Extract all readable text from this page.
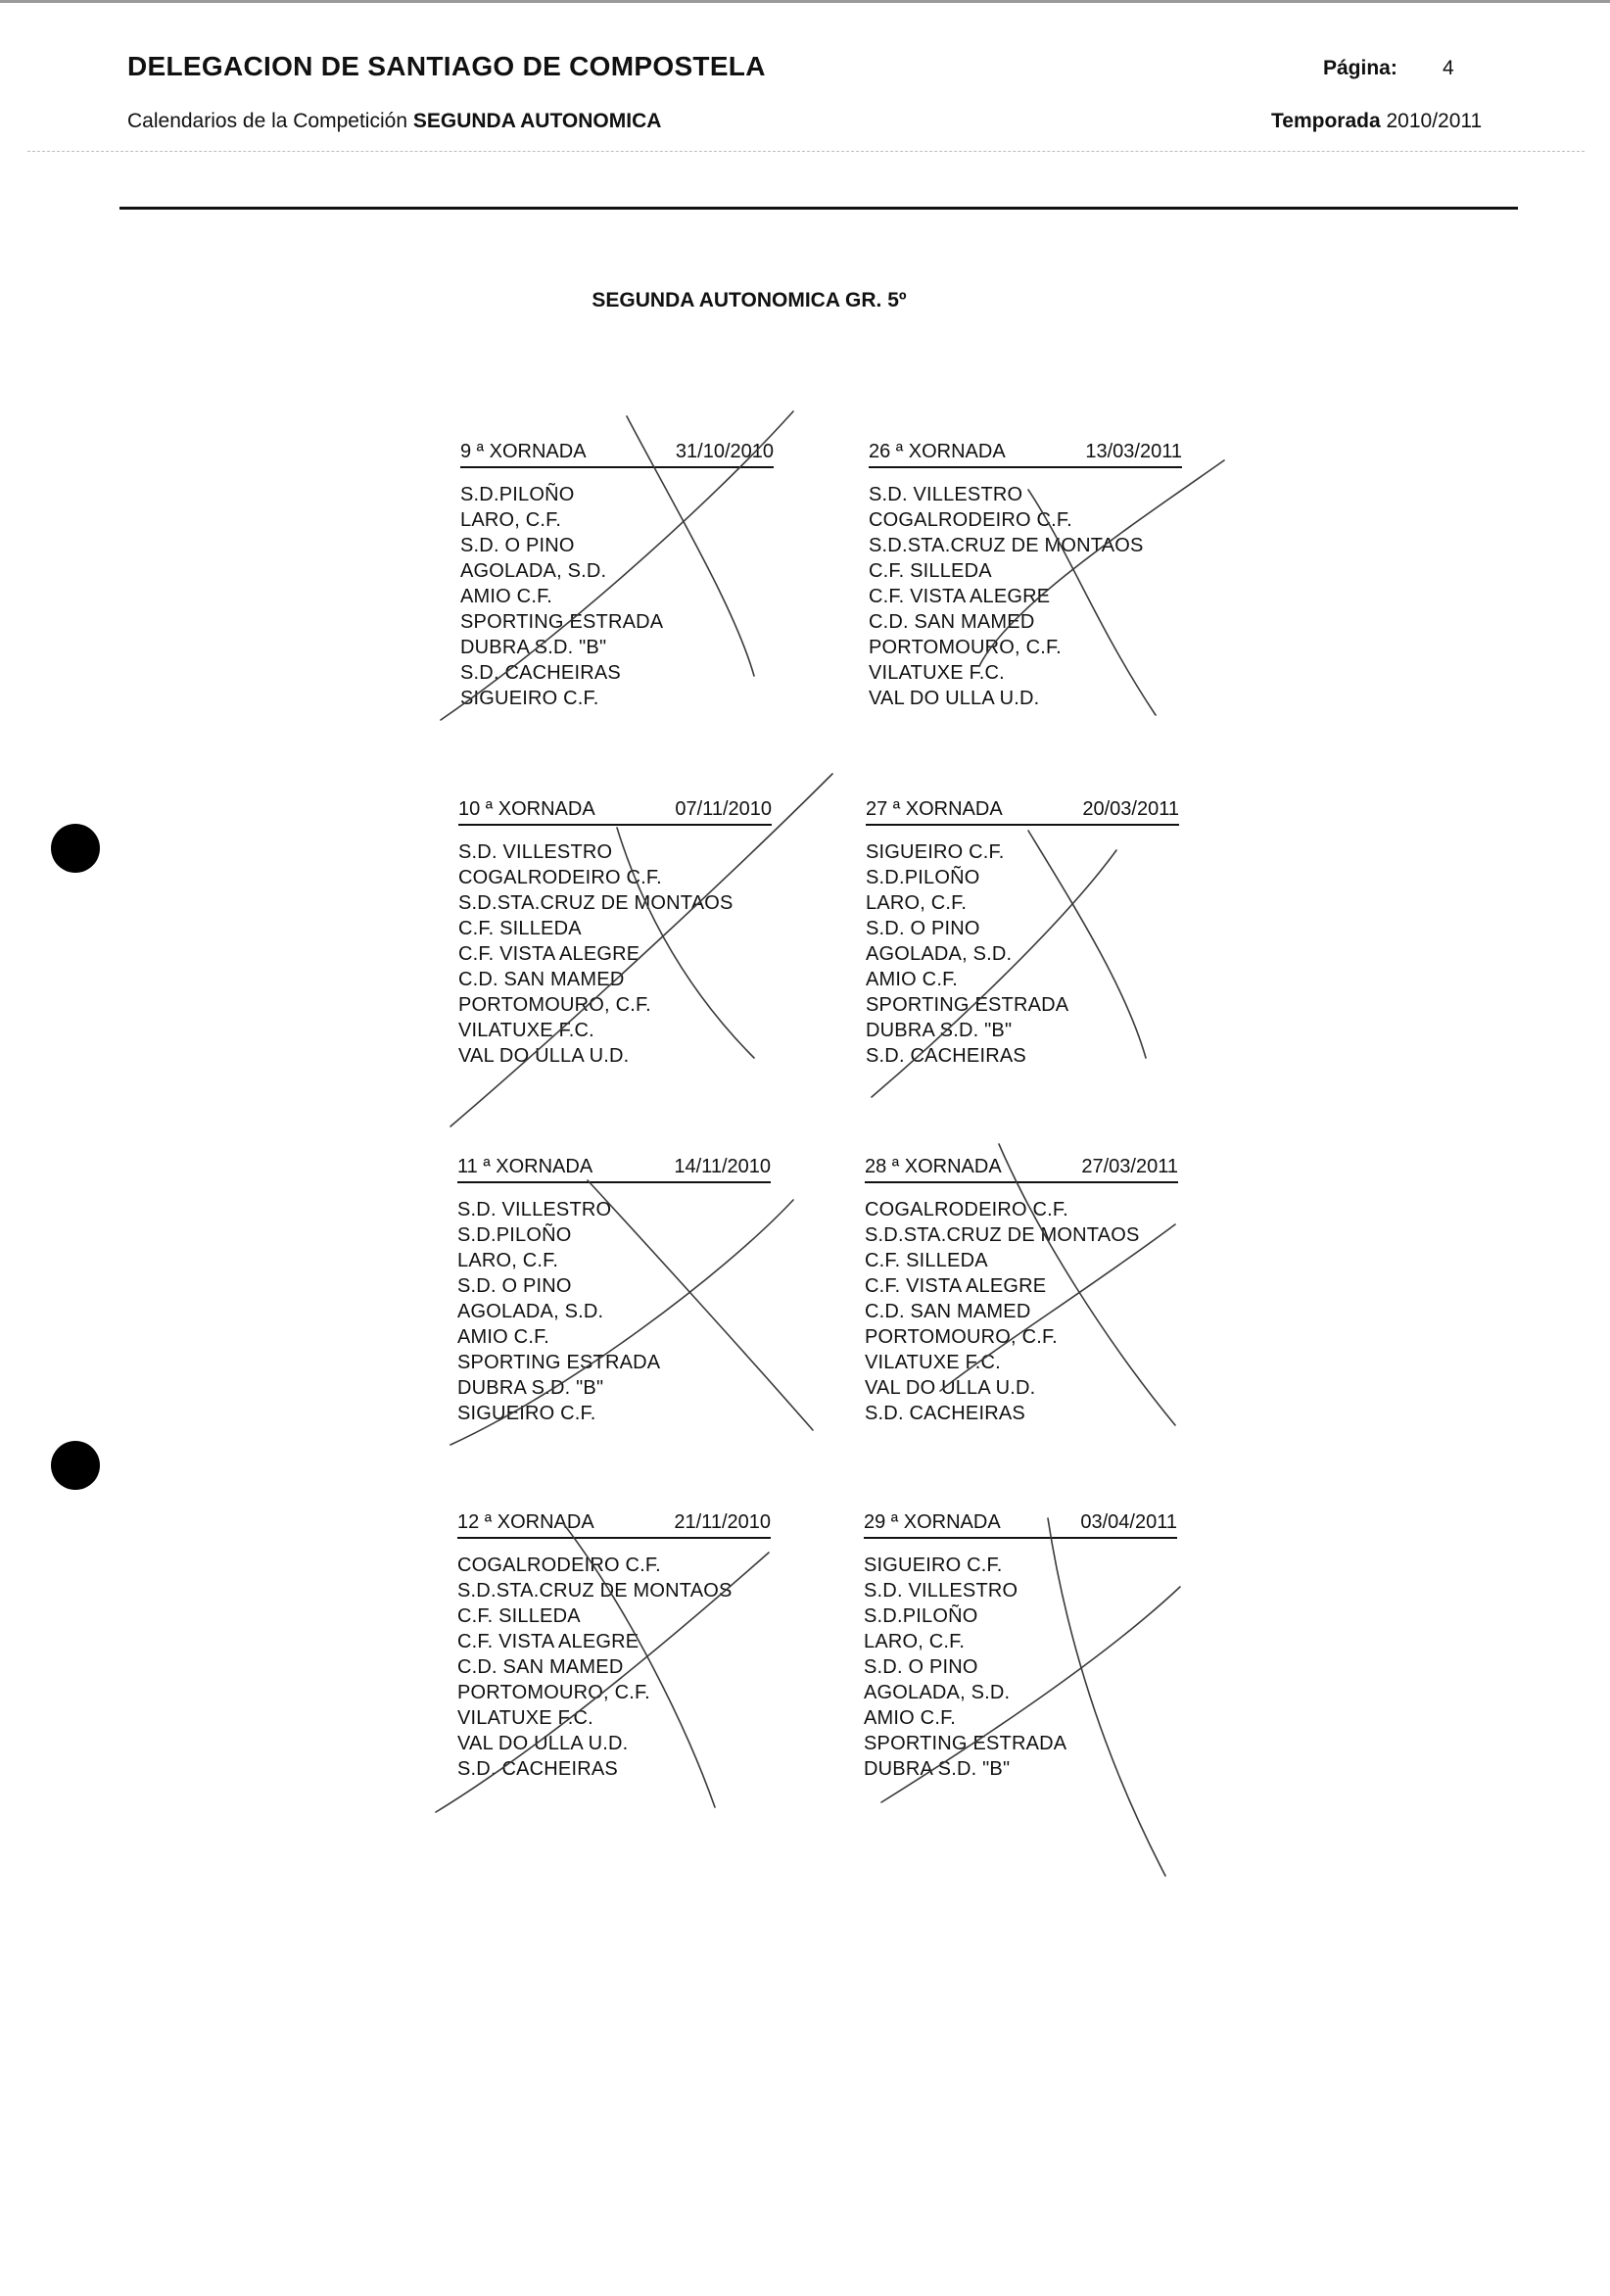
DELEGACION DE SANTIAGO DE COMPOSTELA	Página: 4
Calendarios de la Competición SEGUNDA AUTONOMICA	Temporada 2010/2011
SEGUNDA AUTONOMICA GR. 5º
9 ª XORNADA	31/10/2010
S.D.PILOÑO
LARO, C.F.
S.D. O PINO
AGOLADA, S.D.
AMIO C.F.
SPORTING ESTRADA
DUBRA S.D. "B"
S.D. CACHEIRAS
SIGUEIRO C.F.
26 ª XORNADA	13/03/2011
S.D. VILLESTRO
COGALRODEIRO C.F.
S.D.STA.CRUZ DE MONTAOS
C.F. SILLEDA
C.F. VISTA ALEGRE
C.D. SAN MAMED
PORTOMOURO, C.F.
VILATUXE F.C.
VAL DO ULLA U.D.
10 ª XORNADA	07/11/2010
S.D. VILLESTRO
COGALRODEIRO C.F.
S.D.STA.CRUZ DE MONTAOS
C.F. SILLEDA
C.F. VISTA ALEGRE
C.D. SAN MAMED
PORTOMOURO, C.F.
VILATUXE F.C.
VAL DO ULLA U.D.
27 ª XORNADA	20/03/2011
SIGUEIRO C.F.
S.D.PILOÑO
LARO, C.F.
S.D. O PINO
AGOLADA, S.D.
AMIO C.F.
SPORTING ESTRADA
DUBRA S.D. "B"
S.D. CACHEIRAS
11 ª XORNADA	14/11/2010
S.D. VILLESTRO
S.D.PILOÑO
LARO, C.F.
S.D. O PINO
AGOLADA, S.D.
AMIO C.F.
SPORTING ESTRADA
DUBRA S.D. "B"
SIGUEIRO C.F.
28 ª XORNADA	27/03/2011
COGALRODEIRO C.F.
S.D.STA.CRUZ DE MONTAOS
C.F. SILLEDA
C.F. VISTA ALEGRE
C.D. SAN MAMED
PORTOMOURO, C.F.
VILATUXE F.C.
VAL DO ULLA U.D.
S.D. CACHEIRAS
12 ª XORNADA	21/11/2010
COGALRODEIRO C.F.
S.D.STA.CRUZ DE MONTAOS
C.F. SILLEDA
C.F. VISTA ALEGRE
C.D. SAN MAMED
PORTOMOURO, C.F.
VILATUXE F.C.
VAL DO ULLA U.D.
S.D. CACHEIRAS
29 ª XORNADA	03/04/2011
SIGUEIRO C.F.
S.D. VILLESTRO
S.D.PILOÑO
LARO, C.F.
S.D. O PINO
AGOLADA, S.D.
AMIO C.F.
SPORTING ESTRADA
DUBRA S.D. "B"
